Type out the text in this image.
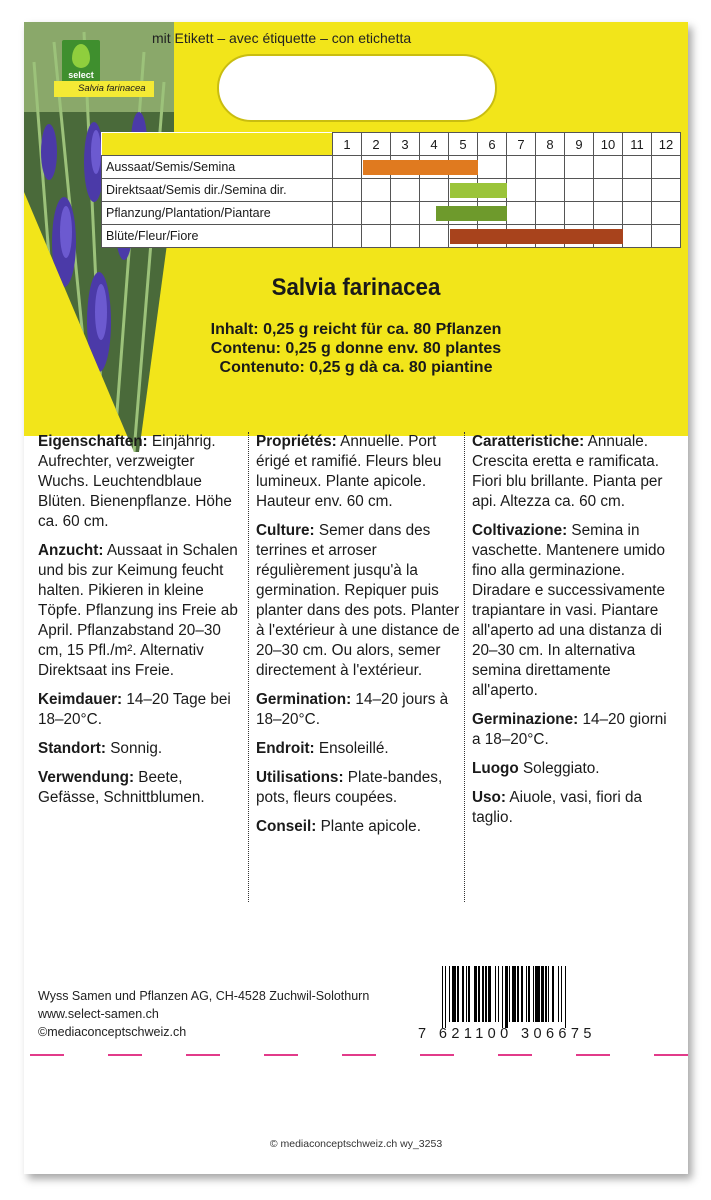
select
Salvia farinacea
mit Etikett – avec étiquette – con etichetta
	1	2	3	4	5	6	7	8	9	10	11	12
Aussaat/Semis/Semina	

Direktsaat/Semis dir./Semina dir.	

Pflanzung/Plantation/Piantare	

Blüte/Fleur/Fiore	

Salvia farinacea
Inhalt: 0,25 g reicht für ca. 80 Pflanzen
Contenu: 0,25 g donne env. 80 plantes
Contenuto: 0,25 g dà ca. 80 piantine

Eigenschaften: Einjährig. Aufrechter, verzweigter Wuchs. Leuchtendblaue Blüten. Bienenpflanze. Höhe ca. 60 cm.

Anzucht: Aussaat in Schalen und bis zur Keimung feucht halten. Pikieren in kleine Töpfe. Pflanzung ins Freie ab April. Pflanzabstand 20–30 cm, 15 Pfl./m². Alternativ Direktsaat ins Freie.

Keimdauer: 14–20 Tage bei 18–20°C.

Standort: Sonnig.

Verwendung: Beete, Gefässe, Schnittblumen.

Propriétés: Annuelle. Port érigé et ramifié. Fleurs bleu lumineux. Plante apicole. Hauteur env. 60 cm.

Culture: Semer dans des terrines et arroser régulièrement jusqu'à la germination. Repiquer puis planter dans des pots. Planter à l'extérieur à une distance de 20–30 cm. Ou alors, semer directement à l'extérieur.

Germination: 14–20 jours à 18–20°C.

Endroit: Ensoleillé.

Utilisations: Plate-bandes, pots, fleurs coupées.

Conseil: Plante apicole.

Caratteristiche: Annuale. Crescita eretta e ramificata. Fiori blu brillante. Pianta per api. Altezza ca. 60 cm.

Coltivazione: Semina in vaschette. Mantenere umido fino alla germinazione. Diradare e successivamente trapiantare in vasi. Piantare all'aperto ad una distanza di 20–30 cm. In alternativa semina direttamente all'aperto.

Germinazione: 14–20 giorni a 18–20°C.

Luogo Soleggiato.

Uso: Aiuole, vasi, fiori da taglio.

Wyss Samen und Pflanzen AG, CH-4528 Zuchwil-Solothurn
www.select-samen.ch
©mediaconceptschweiz.ch	7 621100 306675
© mediaconceptschweiz.ch wy_3253
